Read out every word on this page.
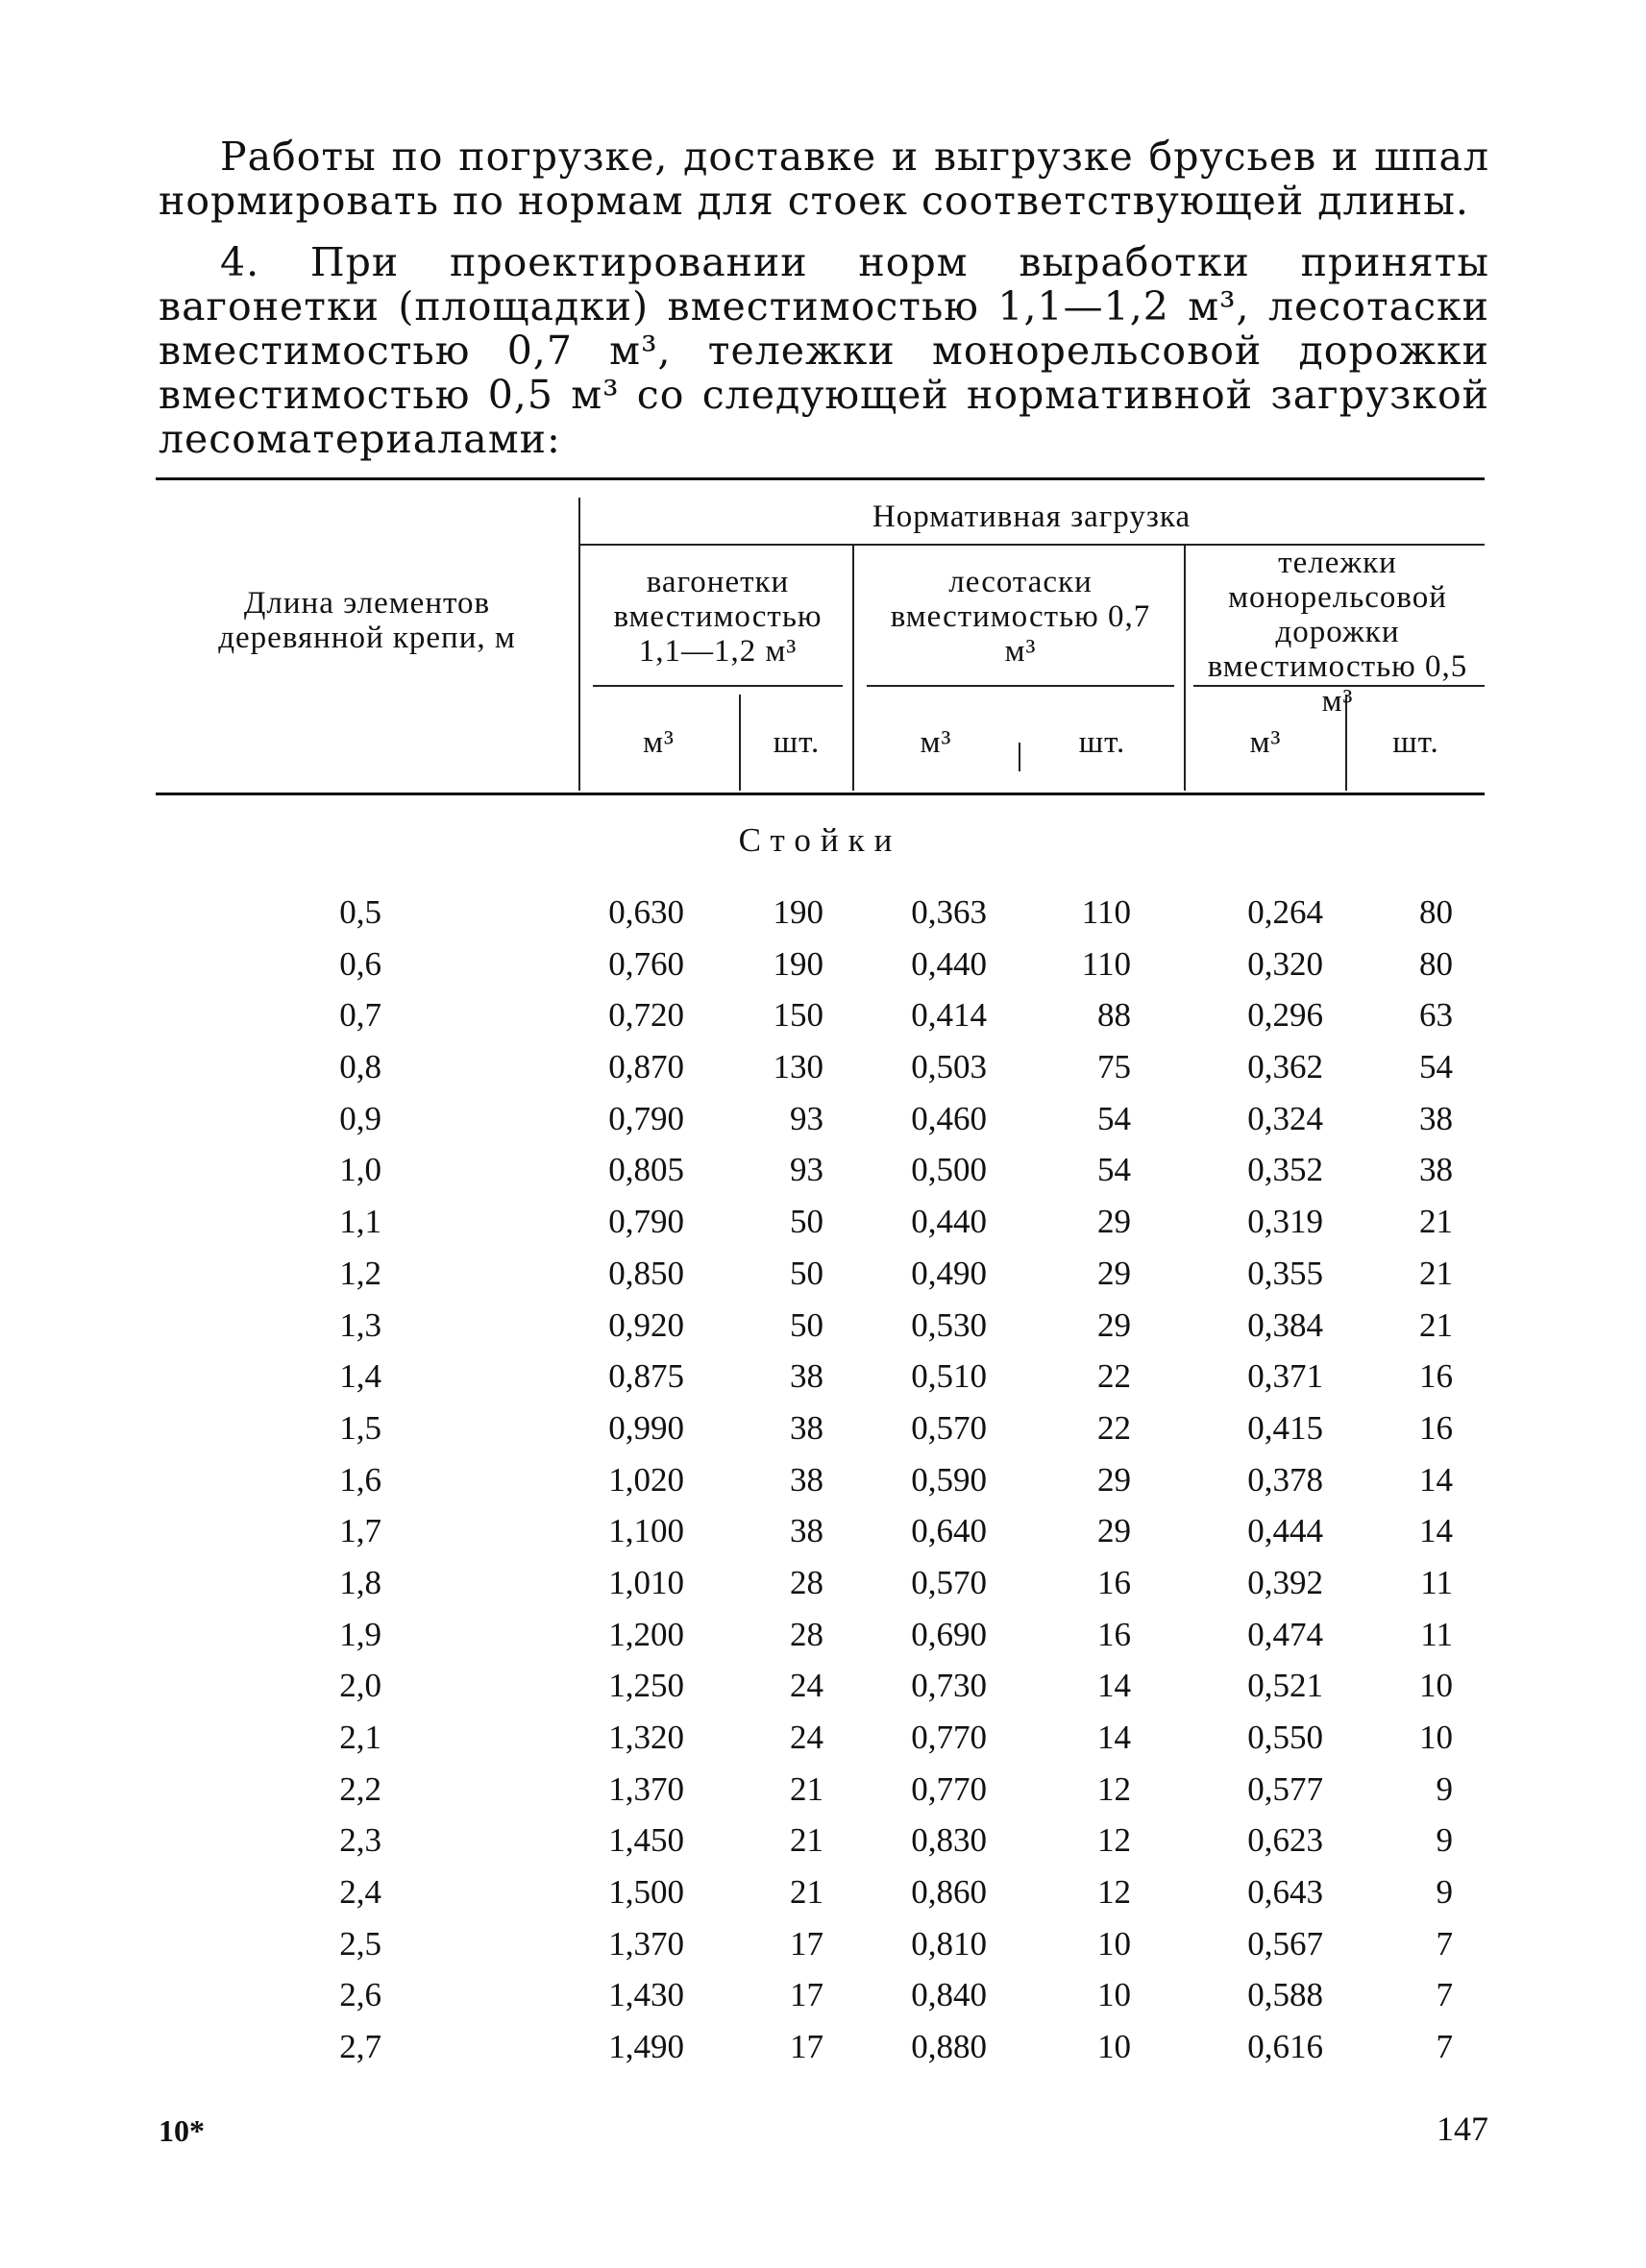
Работы по погрузке, доставке и выгрузке брусьев и шпал нормировать по нормам для стоек соответствующей длины.

4. При проектировании норм выработки приняты вагонетки (площадки) вместимостью 1,1—1,2 м³, лесотаски вместимостью 0,7 м³, тележки монорельсовой дорожки вместимостью 0,5 м³ со следующей нормативной загрузкой лесоматериалами:

Длина элементов деревянной крепи, м
Нормативная загрузка
вагонетки вместимостью 1,1—1,2 м³
лесотаски вместимостью 0,7 м³
тележки монорельсовой дорожки вместимостью 0,5 м³
м³	шт.	м³	шт.	м³	шт.
Стойки
0,5	0,630	190	0,363	110	0,264	80
0,6	0,760	190	0,440	110	0,320	80
0,7	0,720	150	0,414	88	0,296	63
0,8	0,870	130	0,503	75	0,362	54
0,9	0,790	93	0,460	54	0,324	38
1,0	0,805	93	0,500	54	0,352	38
1,1	0,790	50	0,440	29	0,319	21
1,2	0,850	50	0,490	29	0,355	21
1,3	0,920	50	0,530	29	0,384	21
1,4	0,875	38	0,510	22	0,371	16
1,5	0,990	38	0,570	22	0,415	16
1,6	1,020	38	0,590	29	0,378	14
1,7	1,100	38	0,640	29	0,444	14
1,8	1,010	28	0,570	16	0,392	11
1,9	1,200	28	0,690	16	0,474	11
2,0	1,250	24	0,730	14	0,521	10
2,1	1,320	24	0,770	14	0,550	10
2,2	1,370	21	0,770	12	0,577	9
2,3	1,450	21	0,830	12	0,623	9
2,4	1,500	21	0,860	12	0,643	9
2,5	1,370	17	0,810	10	0,567	7
2,6	1,430	17	0,840	10	0,588	7
2,7	1,490	17	0,880	10	0,616	7
10*	147
